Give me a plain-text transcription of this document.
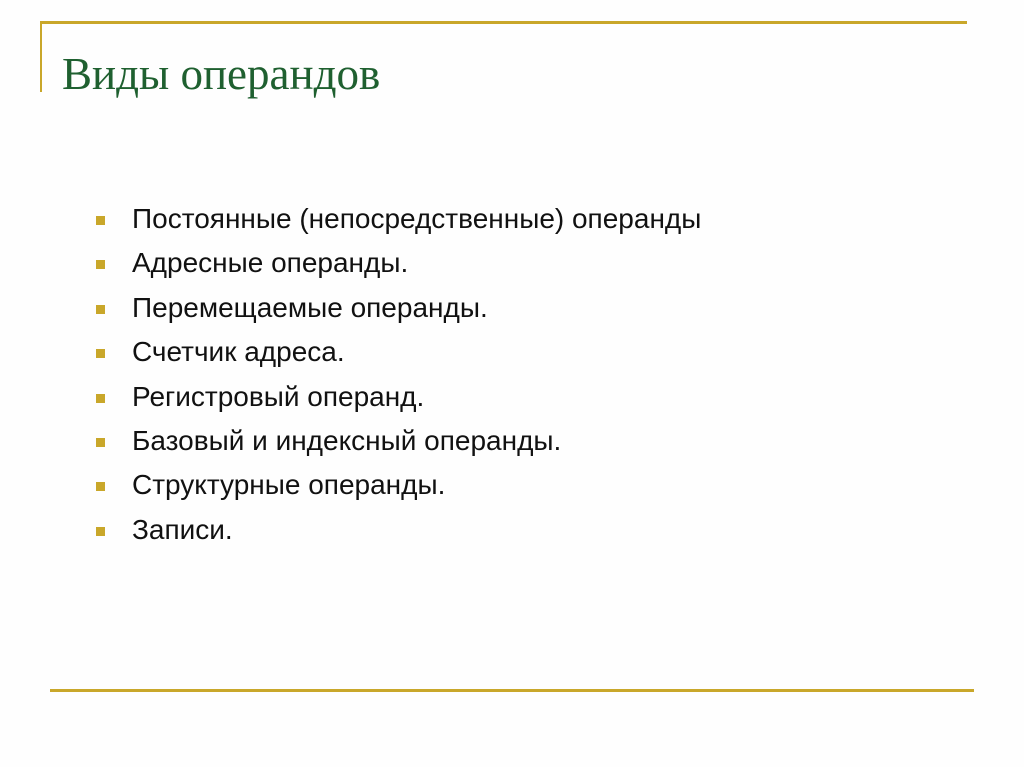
Виды операндов
Постоянные (непосредственные) операнды
Адресные операнды.
Перемещаемые операнды.
Счетчик адреса.
Регистровый операнд.
Базовый и индексный операнды.
Структурные операнды.
Записи.
